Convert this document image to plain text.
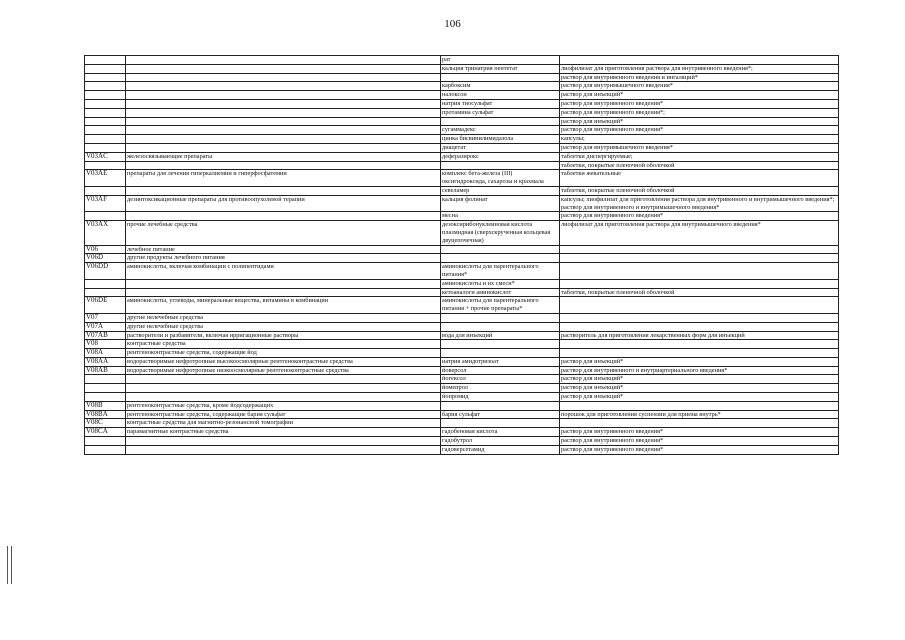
106
		рат	
		кальция тринатрия пентетат	лиофилизат для приготовления раствора для внутривенного введения*;
			раствор для внутривенного введения и ингаляций*
		карбоксим	раствор для внутримышечного введения*
		налоксон	раствор для инъекций*
		натрия тиосульфат	раствор для внутривенного введения*
		протамина сульфат	раствор для внутривенного введения*;
			раствор для инъекций*
		сугаммадекс	раствор для внутривенного введения*
		цинка бисвинилимидазола	капсулы;
		диацетат	раствор для внутримышечного введения*
V03AC	железосвязывающие препараты	деферазирокс	таблетки диспергируемые;
			таблетки, покрытые пленочной оболочкой
V03AE	препараты для лечения гиперкалиемии и гиперфосфатемии	комплекс бета-железа (III) оксигидроксида, сахарозы и крахмала	таблетки жевательные
		севеламер	таблетки, покрытые пленочной оболочкой
V03AF	дезинтоксикационные препараты для противоопухолевой терапии	кальция фолинат	капсулы; лиофилизат для приготовления раствора для внутривенного и внутримышечного введения*; раствор для внутривенного и внутримышечного введения*
		месна	раствор для внутривенного введения*
V03AX	прочие лечебные средства	дезоксирибонуклеиновая кислота плазмидная (сверхскрученная кольцевая двуцепочечная)	лиофилизат для приготовления раствора для внутримышечного введения*
V06	лечебное питание		
V06D	другие продукты лечебного питания		
V06DD	аминокислоты, включая комбинации с полипептидами	аминокислоты для парентерального питания*	
		аминокислоты и их смеси*	
		кетоаналоги аминокислот	таблетки, покрытые пленочной оболочкой
V06DE	аминокислоты, углеводы, минеральные вещества, витамины в комбинации	аминокислоты для парентерального питания + прочие препараты*	
V07	другие нелечебные средства		
V07A	другие нелечебные средства		
V07AB	растворители и разбавители, включая ирригационные растворы	вода для инъекций	растворитель для приготовления лекарственных форм для инъекций
V08	контрастные средства		
V08A	рентгеноконтрастные средства, содержащие йод		
V08AA	водорастворимые нефротропные высокоосмолярные рентгеноконтрастные средства	натрия амидотризоат	раствор для инъекций*
V08AB	водорастворимые нефротропные низкоосмолярные рентгеноконтрастные средства	йоверсол	раствор для внутривенного и внутриартериального введения*
		йогексол	раствор для инъекций*
		йомепрол	раствор для инъекций*
		йопромид	раствор для инъекций*
V08B	рентгеноконтрастные средства, кроме йодсодержащих		
V08BA	рентгеноконтрастные средства, содержащие бария сульфат	бария сульфат	порошок для приготовления суспензии для приема внутрь*
V08C	контрастные средства для магнитно-резонансной томографии		
V08CA	парамагнитные контрастные средства	гадобеновая кислота	раствор для внутривенного введения*
		гадобутрол	раствор для внутривенного введения*
		гадоверсетамид	раствор для внутривенного введения*
